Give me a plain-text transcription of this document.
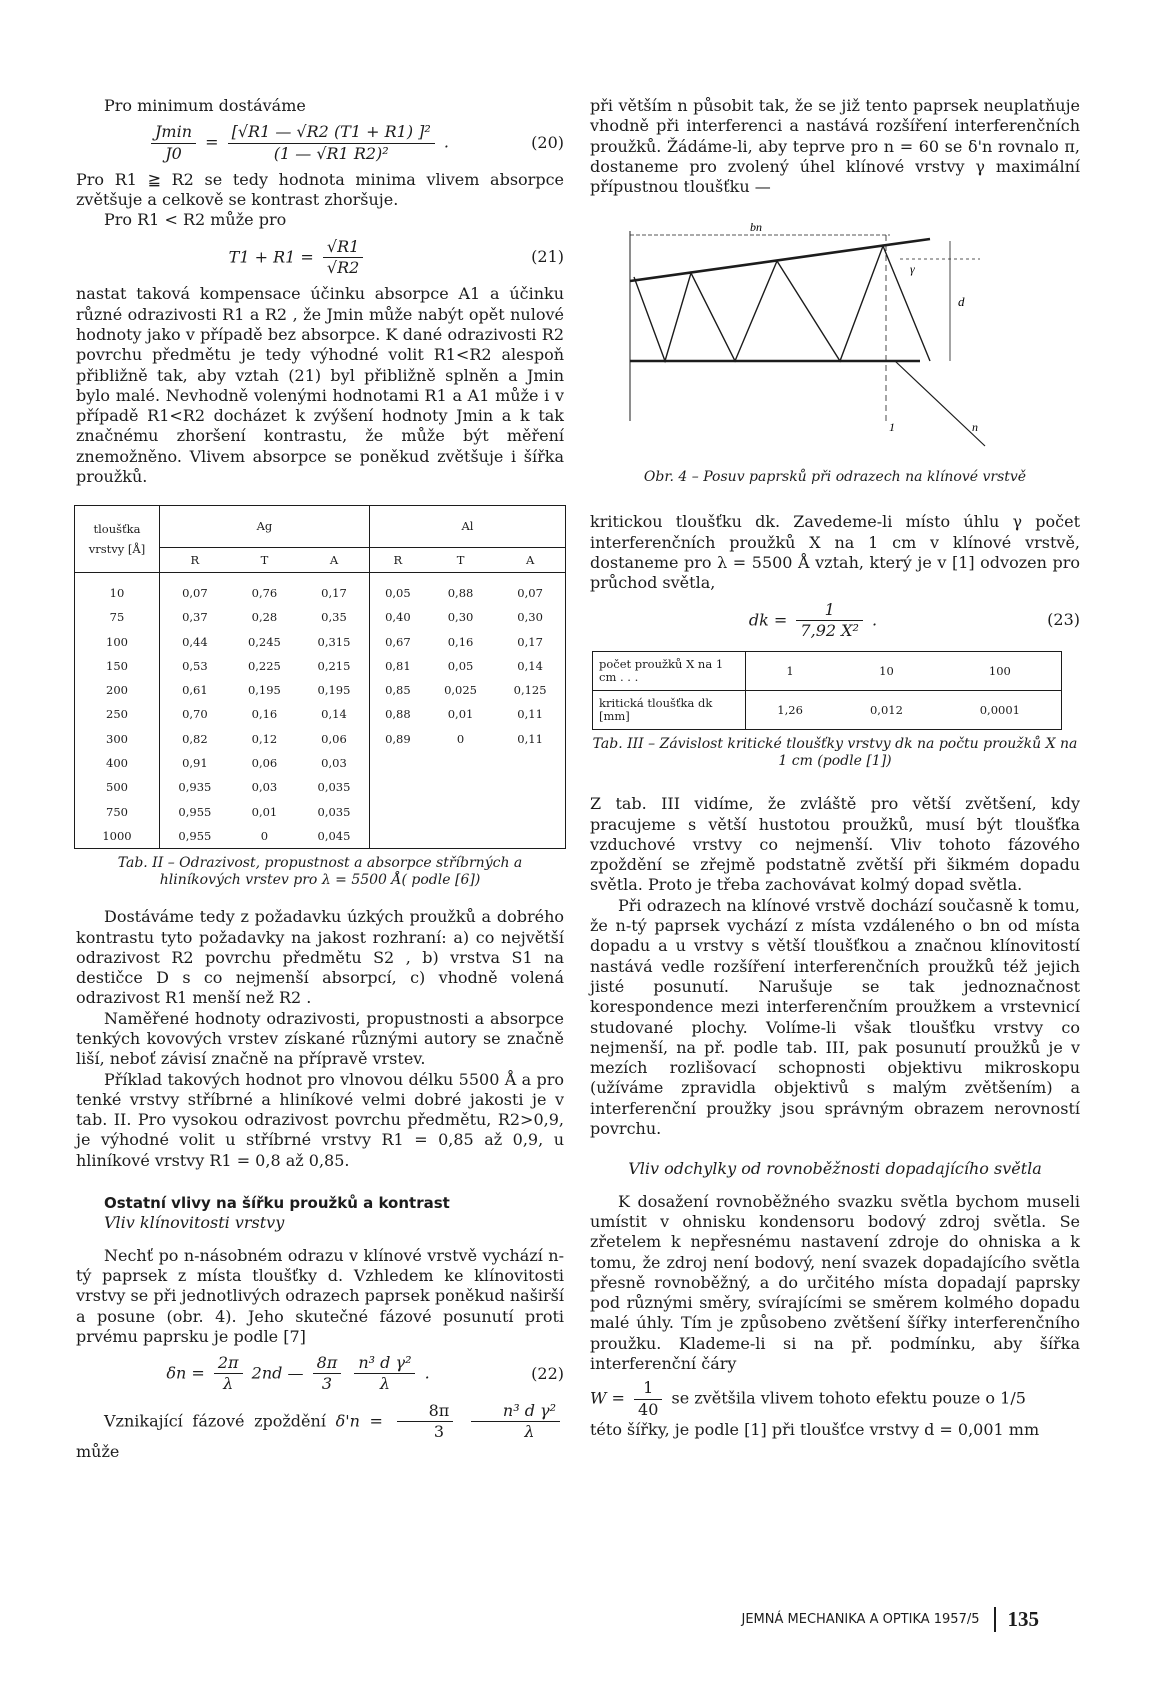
Pro minimum dostáváme

$\frac{Jmin}{J0} = \frac{\text{[√R1 — √R2 (T1 + R1) ]²}}{\text{(1 — √R1 R2)²}}$ .	(20)

Pro R1 ≧ R2 se tedy hodnota minima vlivem absorpce zvětšuje a celkově se kontrast zhoršuje.

Pro R1 < R2 může pro

$T1 + R1 = \frac{√R1}{√R2}$	(21)

nastat taková kompensace účinku absorpce A1 a účinku různé odrazivosti R1 a R2 , že Jmin může nabýt opět nulové hodnoty jako v případě bez absorpce. K dané odrazivosti R2 povrchu předmětu je tedy výhodné volit R1<R2 alespoň přibližně tak, aby vztah (21) byl přibližně splněn a Jmin bylo malé. Nevhodně volenými hodnotami R1 a A1 může i v případě R1<R2 docházet k zvýšení hodnoty Jmin a k tak značnému zhoršení kontrastu, že může být měření znemožněno. Vlivem absorpce se poněkud zvětšuje i šířka proužků.

tloušťka vrstvy [Å]	Ag			Al		
	R	T	A	R	T	A
10	0,07	0,76	0,17	0,05	0,88	0,07
75	0,37	0,28	0,35	0,40	0,30	0,30
100	0,44	0,245	0,315	0,67	0,16	0,17
150	0,53	0,225	0,215	0,81	0,05	0,14
200	0,61	0,195	0,195	0,85	0,025	0,125
250	0,70	0,16	0,14	0,88	0,01	0,11
300	0,82	0,12	0,06	0,89	0	0,11
400	0,91	0,06	0,03			
500	0,935	0,03	0,035			
750	0,955	0,01	0,035			
1000	0,955	0	0,045			

Tab. II – Odrazivost, propustnost a absorpce stříbrných a hliníkových vrstev pro λ = 5500 Å( podle [6])

Dostáváme tedy z požadavku úzkých proužků a dobrého kontrastu tyto požadavky na jakost rozhraní: a) co největší odrazivost R2 povrchu předmětu S2 , b) vrstva S1 na destičce D s co nejmenší absorpcí, c) vhodně volená odrazivost R1 menší než R2 .

Naměřené hodnoty odrazivosti, propustnosti a absorpce tenkých kovových vrstev získané různými autory se značně liší, neboť závisí značně na přípravě vrstev.

Příklad takových hodnot pro vlnovou délku 5500 Å a pro tenké vrstvy stříbrné a hliníkové velmi dobré jakosti je v tab. II. Pro vysokou odrazivost povrchu předmětu, R2>0,9, je výhodné volit u stříbrné vrstvy R1 = 0,85 až 0,9, u hliníkové vrstvy R1 = 0,8 až 0,85.

Ostatní vlivy na šířku proužků a kontrast

Vliv klínovitosti vrstvy

Nechť po n-násobném odrazu v klínové vrstvě vychází n-tý paprsek z místa tloušťky d. Vzhledem ke klínovitosti vrstvy se při jednotlivých odrazech paprsek poněkud naširší a posune (obr. 4). Jeho skutečné fázové posunutí proti prvému paprsku je podle [7]

$\delta n = \frac{2\pi}{\lambda} 2nd$ — $\frac{8\pi}{3}$
$\frac{\text{n³ d γ²}}{\lambda}$ .	(22)

Vznikající fázové zpoždění $\delta'n = \frac{8\pi}{3}$
$\frac{\text{n³ d γ²}}{\lambda}$
může

při větším n působit tak, že se již tento paprsek neuplatňuje vhodně při interferenci a nastává rozšíření interferenčních proužků. Žádáme-li, aby teprve pro n = 60 se δ'n rovnalo π, dostaneme pro zvolený úhel klínové vrstvy γ maximální přípustnou tloušťku —

bn
γ
d
1	n

Obr. 4 – Posuv paprsků při odrazech na klínové vrstvě

kritickou tloušťku dk. Zavedeme-li místo úhlu γ počet interferenčních proužků X na 1 cm v klínové vrstvě, dostaneme pro λ = 5500 Å vztah, který je v [1] odvozen pro průchod světla,

dk = $\frac{1}{\text{7,92 X²}}$ .	(23)
počet proužků X na 1 cm . . .	1	10	100
kritická tloušťka dk [mm]	1,26	0,012	0,0001

Tab. III – Závislost kritické tloušťky vrstvy dk na počtu proužků X na 1 cm (podle [1])

Z tab. III vidíme, že zvláště pro větší zvětšení, kdy pracujeme s větší hustotou proužků, musí být tloušťka vzduchové vrstvy co nejmenší. Vliv tohoto fázového zpoždění se zřejmě podstatně zvětší při šikmém dopadu světla. Proto je třeba zachovávat kolmý dopad světla.

Při odrazech na klínové vrstvě dochází současně k tomu, že n-tý paprsek vychází z místa vzdáleného o bn od místa dopadu a u vrstvy s větší tloušťkou a značnou klínovitostí nastává vedle rozšíření interferenčních proužků též jejich jisté posunutí. Narušuje se tak jednoznačnost korespondence mezi interferenčním proužkem a vrstevnicí studované plochy. Volíme-li však tloušťku vrstvy co nejmenší, na př. podle tab. III, pak posunutí proužků je v mezích rozlišovací schopnosti objektivu mikroskopu (užíváme zpravidla objektivů s malým zvětšením) a interferenční proužky jsou správným obrazem nerovností povrchu.

Vliv odchylky od rovnoběžnosti dopadajícího světla

K dosažení rovnoběžného svazku světla bychom museli umístit v ohnisku kondensoru bodový zdroj světla. Se zřetelem k nepřesnému nastavení zdroje do ohniska a k tomu, že zdroj není bodový, není svazek dopadajícího světla přesně rovnoběžný, a do určitého místa dopadají paprsky pod různými směry, svírajícími se směrem kolmého dopadu malé úhly. Tím je způsobeno zvětšení šířky interferenčního proužku. Klademe-li si na př. podmínku, aby šířka interferenční čáry

$W = \frac{1}{40}$ se zvětšila vlivem tohoto efektu pouze o 1/5

této šířky, je podle [1] při tloušťce vrstvy d = 0,001 mm

JEMNÁ MECHANIKA A OPTIKA 1957/5	135
